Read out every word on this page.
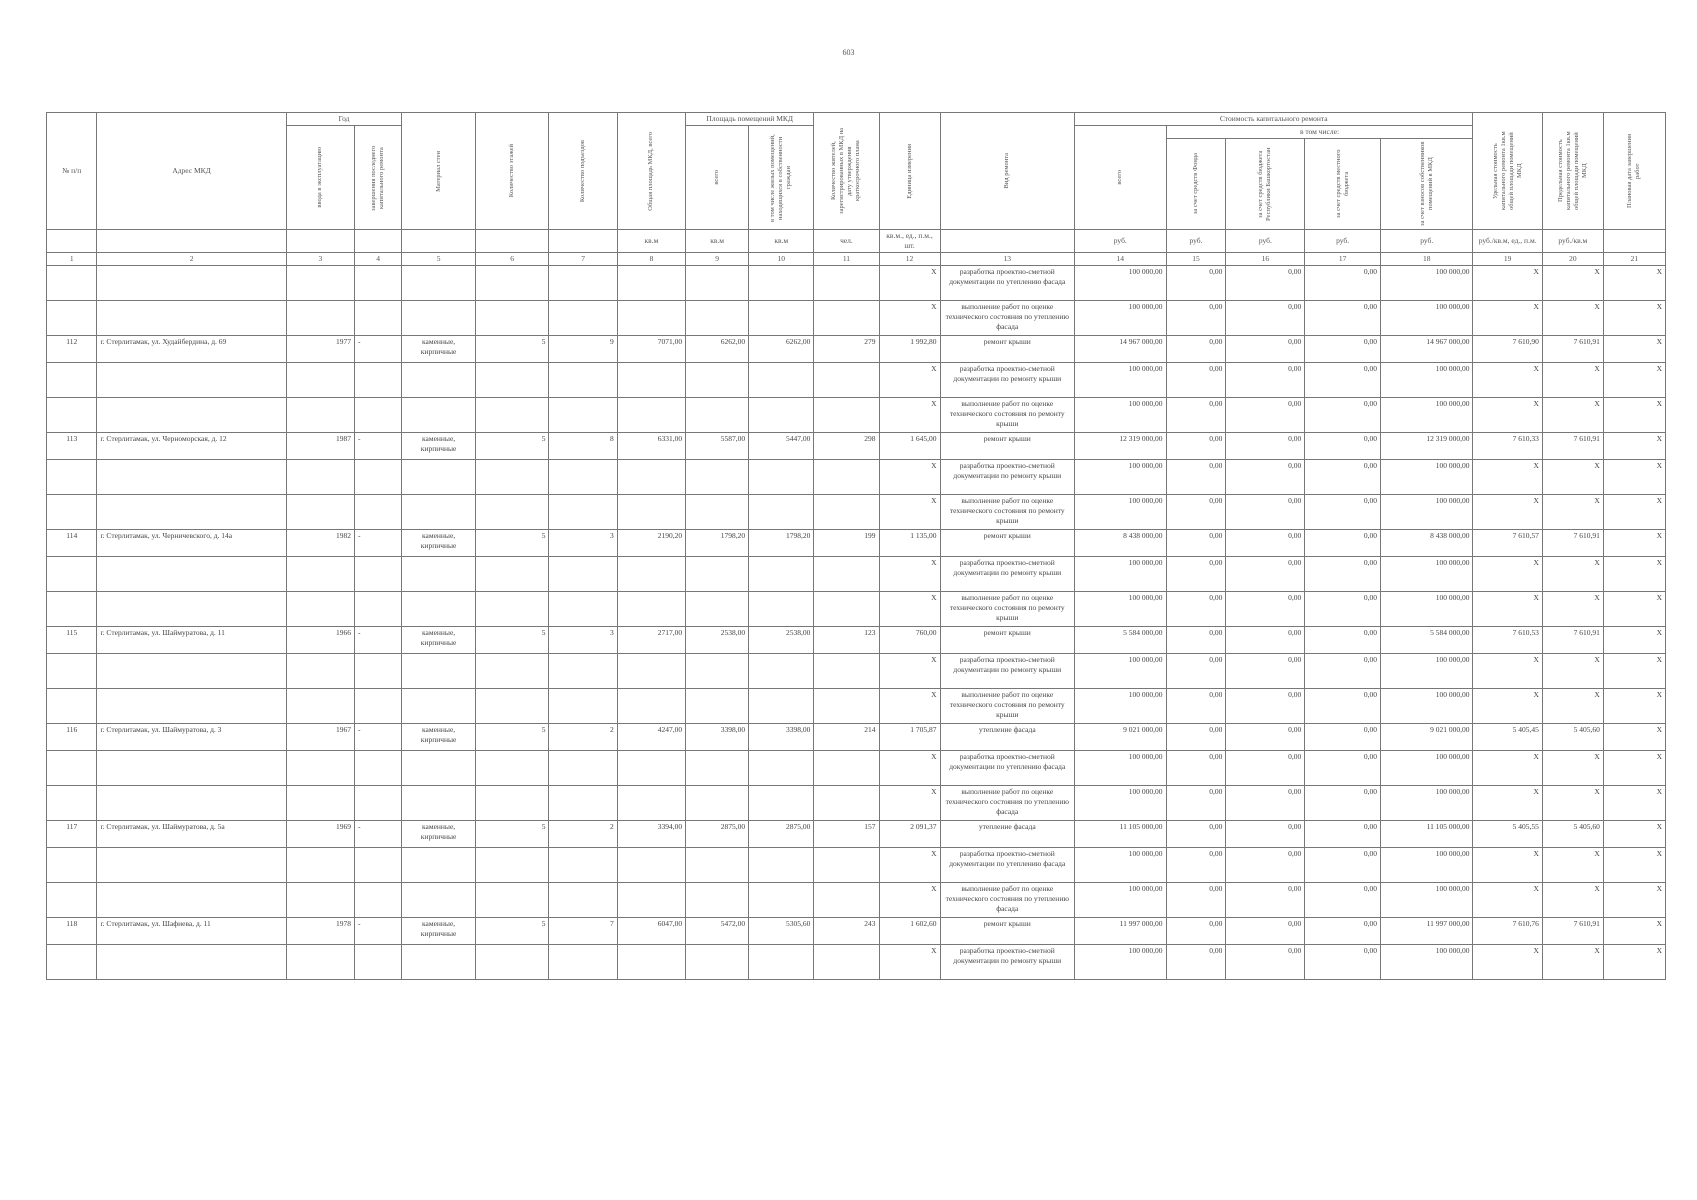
603
№ п/п	Адрес МКД	Год		Материал стен	Количество этажей	Количество подъездов	Общая площадь МКД, всего	Площадь помещений МКД		Количество жителей, зарегистрированных в МКД на дату утверждения краткосрочного плана	Единица измерения	Вид ремонта	Стоимость капитального ремонта					Удельная стоимость капитального ремонта 1кв.м общей площади помещений МКД	Предельная стоимость капитального ремонта 1кв.м общей площади помещений МКД	Плановая дата завершения работ

		ввода в эксплуатацию	завершения последнего капитального ремонта					всего	в том числе жилых помещений, находящихся в собственности граждан				всего	в том числе:						

														за счет средств Фонда	за счет средств бюджета Республики Башкортостан	за счет средств местного бюджета	за счет взносов собственников помещений в МКД			

							кв.м	кв.м	кв.м	чел.	кв.м., ед., п.м., шт.		руб.	руб.	руб.	руб.	руб.	руб./кв.м, ед., п.м.	руб./кв.м	
1	2	3	4	5	6	7	8	9	10	11	12	13	14	15	16	17	18	19	20	21
											X	разработка проектно-сметной документации по утеплению фасада	100 000,00	0,00	0,00	0,00	100 000,00	X	X	X
											X	выполнение работ по оценке технического состояния по утеплению фасада	100 000,00	0,00	0,00	0,00	100 000,00	X	X	X
112	г. Стерлитамак, ул. Худайбердина, д. 69	1977	-	каменные, кирпичные	5	9	7071,00	6262,00	6262,00	279	1 992,80	ремонт крыши	14 967 000,00	0,00	0,00	0,00	14 967 000,00	7 610,90	7 610,91	X
											X	разработка проектно-сметной документации по ремонту крыши	100 000,00	0,00	0,00	0,00	100 000,00	X	X	X
											X	выполнение работ по оценке технического состояния по ремонту крыши	100 000,00	0,00	0,00	0,00	100 000,00	X	X	X
113	г. Стерлитамак, ул. Черноморская, д. 12	1987	-	каменные, кирпичные	5	8	6331,00	5587,00	5447,00	298	1 645,00	ремонт крыши	12 319 000,00	0,00	0,00	0,00	12 319 000,00	7 610,33	7 610,91	X
											X	разработка проектно-сметной документации по ремонту крыши	100 000,00	0,00	0,00	0,00	100 000,00	X	X	X
											X	выполнение работ по оценке технического состояния по ремонту крыши	100 000,00	0,00	0,00	0,00	100 000,00	X	X	X
114	г. Стерлитамак, ул. Черничевского, д. 14а	1982	-	каменные, кирпичные	5	3	2190,20	1798,20	1798,20	199	1 135,00	ремонт крыши	8 438 000,00	0,00	0,00	0,00	8 438 000,00	7 610,57	7 610,91	X
											X	разработка проектно-сметной документации по ремонту крыши	100 000,00	0,00	0,00	0,00	100 000,00	X	X	X
											X	выполнение работ по оценке технического состояния по ремонту крыши	100 000,00	0,00	0,00	0,00	100 000,00	X	X	X
115	г. Стерлитамак, ул. Шаймуратова, д. 11	1966	-	каменные, кирпичные	5	3	2717,00	2538,00	2538,00	123	760,00	ремонт крыши	5 584 000,00	0,00	0,00	0,00	5 584 000,00	7 610,53	7 610,91	X
											X	разработка проектно-сметной документации по ремонту крыши	100 000,00	0,00	0,00	0,00	100 000,00	X	X	X
											X	выполнение работ по оценке технического состояния по ремонту крыши	100 000,00	0,00	0,00	0,00	100 000,00	X	X	X
116	г. Стерлитамак, ул. Шаймуратова, д. 3	1967	-	каменные, кирпичные	5	2	4247,00	3398,00	3398,00	214	1 705,87	утепление фасада	9 021 000,00	0,00	0,00	0,00	9 021 000,00	5 405,45	5 405,60	X
											X	разработка проектно-сметной документации по утеплению фасада	100 000,00	0,00	0,00	0,00	100 000,00	X	X	X
											X	выполнение работ по оценке технического состояния по утеплению фасада	100 000,00	0,00	0,00	0,00	100 000,00	X	X	X
117	г. Стерлитамак, ул. Шаймуратова, д. 5а	1969	-	каменные, кирпичные	5	2	3394,00	2875,00	2875,00	157	2 091,37	утепление фасада	11 105 000,00	0,00	0,00	0,00	11 105 000,00	5 405,55	5 405,60	X
											X	разработка проектно-сметной документации по утеплению фасада	100 000,00	0,00	0,00	0,00	100 000,00	X	X	X
											X	выполнение работ по оценке технического состояния по утеплению фасада	100 000,00	0,00	0,00	0,00	100 000,00	X	X	X
118	г. Стерлитамак, ул. Шафиева, д. 11	1978	-	каменные, кирпичные	5	7	6047,00	5472,00	5305,60	243	1 602,60	ремонт крыши	11 997 000,00	0,00	0,00	0,00	11 997 000,00	7 610,76	7 610,91	X
											X	разработка проектно-сметной документации по ремонту крыши	100 000,00	0,00	0,00	0,00	100 000,00	X	X	X
